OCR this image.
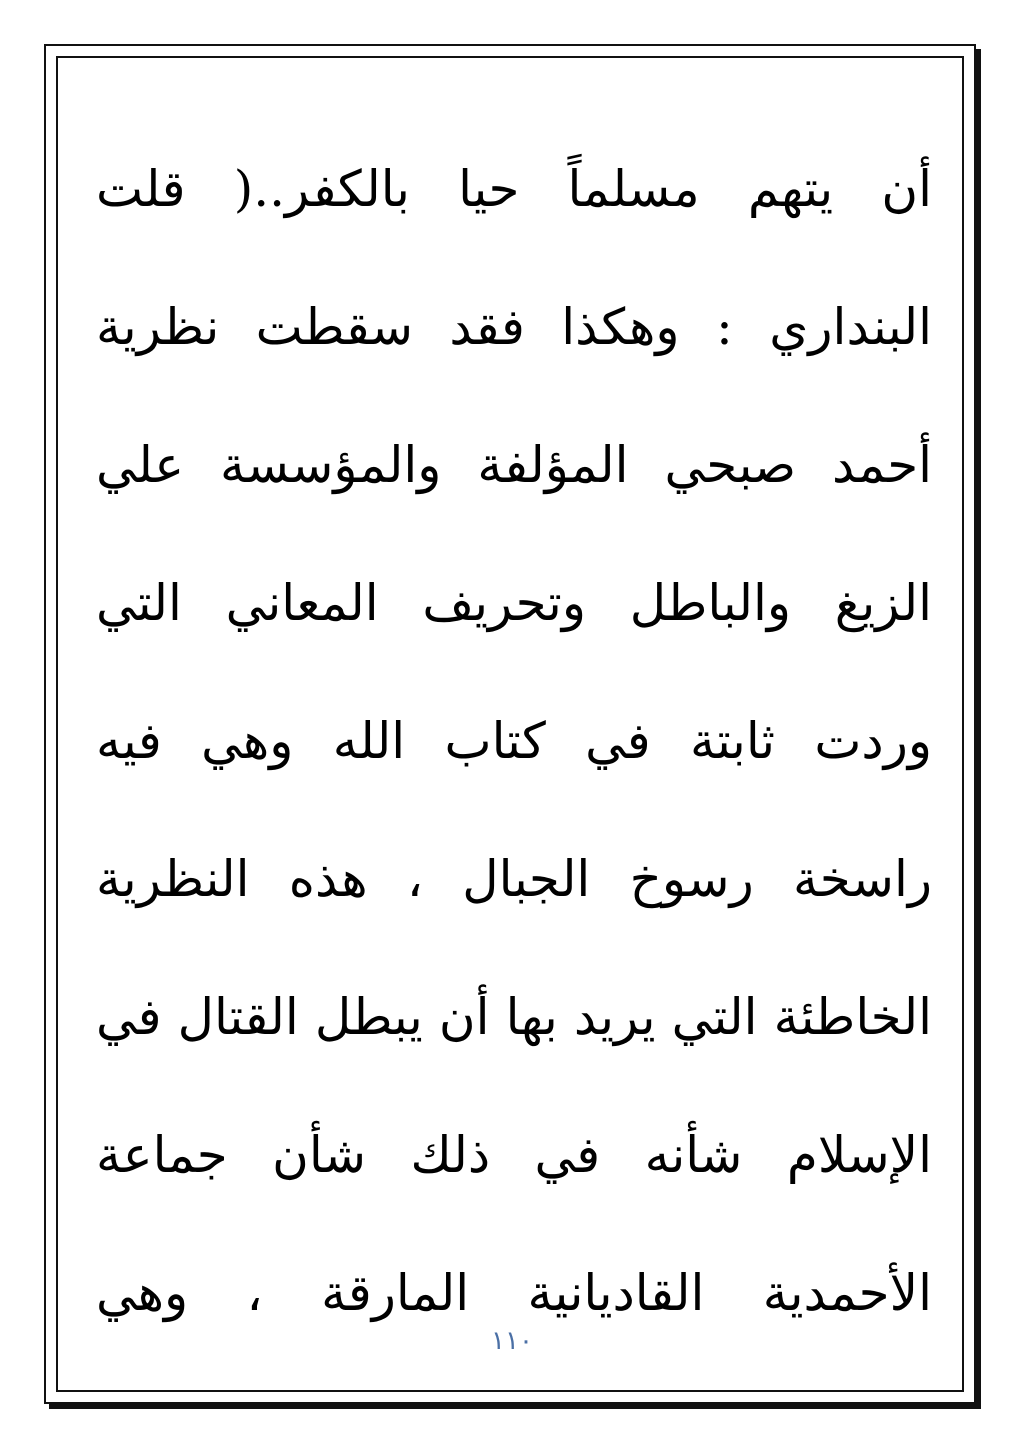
أن يتهم مسلماً حيا بالكفر..( قلت
البنداري : وهكذا فقد سقطت نظرية
أحمد صبحي المؤلفة والمؤسسة علي
الزيغ والباطل وتحريف المعاني التي
وردت ثابتة في كتاب الله وهي فيه
راسخة رسوخ الجبال ، هذه النظرية
الخاطئة التي يريد بها أن يبطل القتال في
الإسلام شأنه في ذلك شأن جماعة
الأحمدية القاديانية المارقة ، وهي
١١٠
